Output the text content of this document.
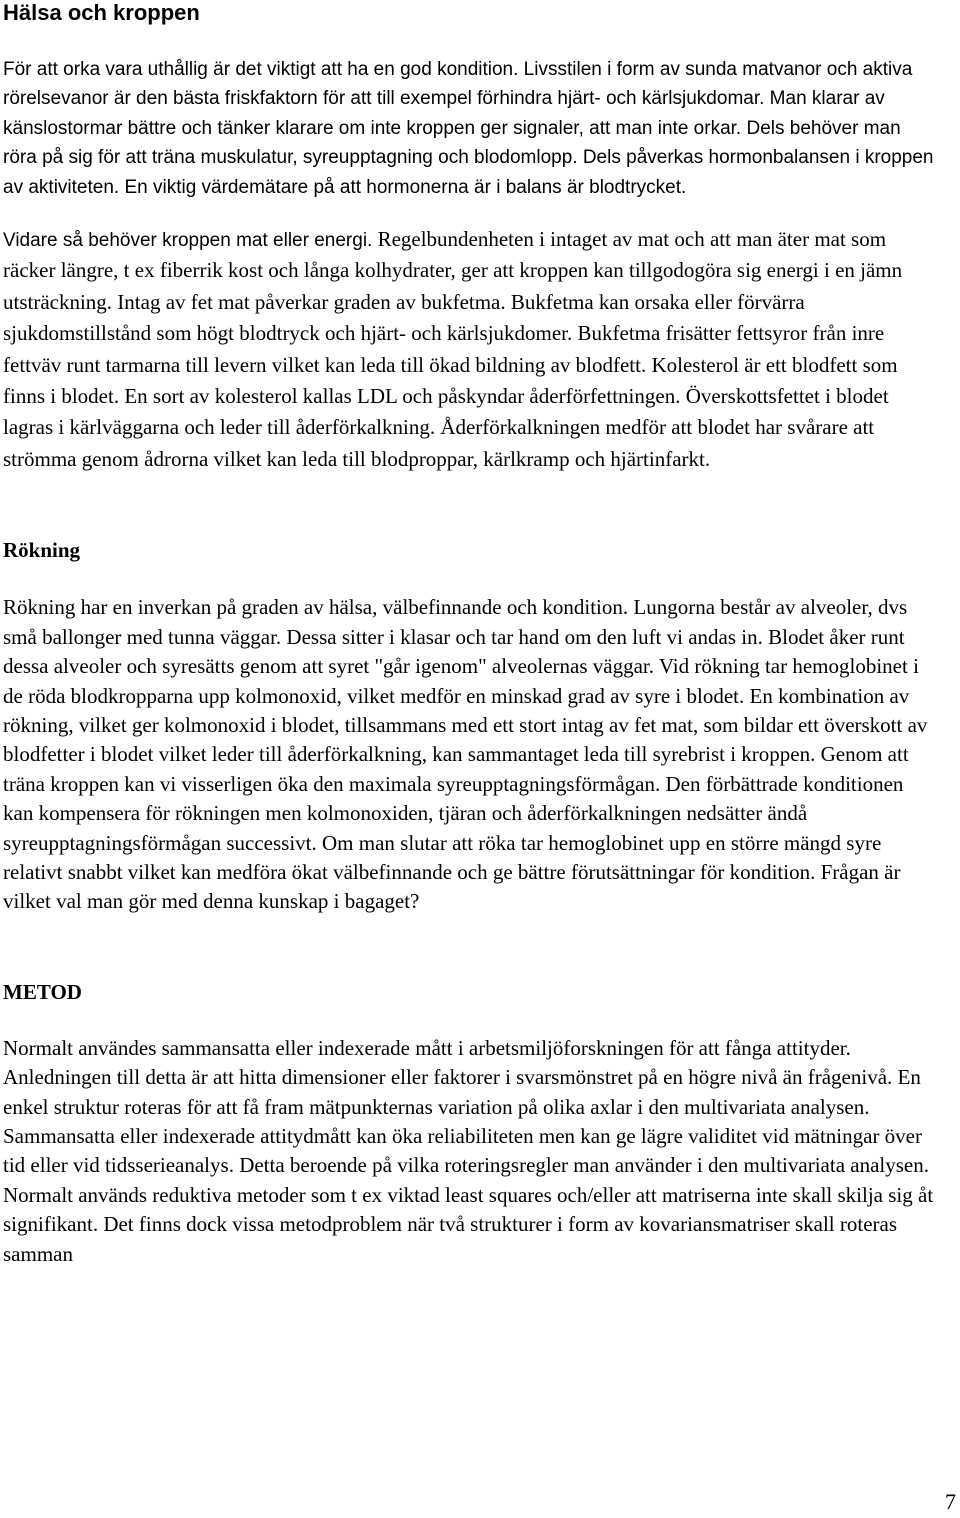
Hälsa och kroppen

För att orka vara uthållig är det viktigt att ha en god kondition. Livsstilen i form av sunda matvanor och aktiva rörelsevanor är den bästa friskfaktorn för att till exempel förhindra hjärt- och kärlsjukdomar. Man klarar av känslostormar bättre och tänker klarare om inte kroppen ger signaler, att man inte orkar. Dels behöver man röra på sig för att träna muskulatur, syreupptagning och blodomlopp. Dels påverkas hormonbalansen i kroppen av aktiviteten. En viktig värdemätare på att hormonerna är i balans är blodtrycket.

Vidare så behöver kroppen mat eller energi. Regelbundenheten i intaget av mat och att man äter mat som räcker längre, t ex fiberrik kost och långa kolhydrater, ger att kroppen kan tillgodogöra sig energi i en jämn utsträckning. Intag av fet mat påverkar graden av bukfetma. Bukfetma kan orsaka eller förvärra sjukdomstillstånd som högt blodtryck och hjärt- och kärlsjukdomer. Bukfetma frisätter fettsyror från inre fettväv runt tarmarna till levern vilket kan leda till ökad bildning av blodfett. Kolesterol är ett blodfett som finns i blodet. En sort av kolesterol kallas LDL och påskyndar åderförfettningen. Överskottsfettet i blodet lagras i kärlväggarna och leder till åderförkalkning. Åderförkalkningen medför att blodet har svårare att strömma genom ådrorna vilket kan leda till blodproppar, kärlkramp och hjärtinfarkt.

Rökning

Rökning har en inverkan på graden av hälsa, välbefinnande och kondition. Lungorna består av alveoler, dvs små ballonger med tunna väggar. Dessa sitter i klasar och tar hand om den luft vi andas in. Blodet åker runt dessa alveoler och syresätts genom att syret "går igenom" alveolernas väggar. Vid rökning tar hemoglobinet i de röda blodkropparna upp kolmonoxid, vilket medför en minskad grad av syre i blodet. En kombination av rökning, vilket ger kolmonoxid i blodet, tillsammans med ett stort intag av fet mat, som bildar ett överskott av blodfetter i blodet vilket leder till åderförkalkning, kan sammantaget leda till syrebrist i kroppen. Genom att träna kroppen kan vi visserligen öka den maximala syreupptagningsförmågan. Den förbättrade konditionen kan kompensera för rökningen men kolmonoxiden, tjäran och åderförkalkningen nedsätter ändå syreupptagningsförmågan successivt. Om man slutar att röka tar hemoglobinet upp en större mängd syre relativt snabbt vilket kan medföra ökat välbefinnande och ge bättre förutsättningar för kondition. Frågan är vilket val man gör med denna kunskap i bagaget?

METOD

Normalt användes sammansatta eller indexerade mått i arbetsmiljöforskningen för att fånga attityder. Anledningen till detta är att hitta dimensioner eller faktorer i svarsmönstret på en högre nivå än frågenivå. En enkel struktur roteras för att få fram mätpunkternas variation på olika axlar i den multivariata analysen. Sammansatta eller indexerade attitydmått kan öka reliabiliteten men kan ge lägre validitet vid mätningar över tid eller vid tidsserieanalys. Detta beroende på vilka roteringsregler man använder i den multivariata analysen. Normalt används reduktiva metoder som t ex viktad least squares och/eller att matriserna inte skall skilja sig åt signifikant. Det finns dock vissa metodproblem när två strukturer i form av kovariansmatriser skall roteras samman

7
